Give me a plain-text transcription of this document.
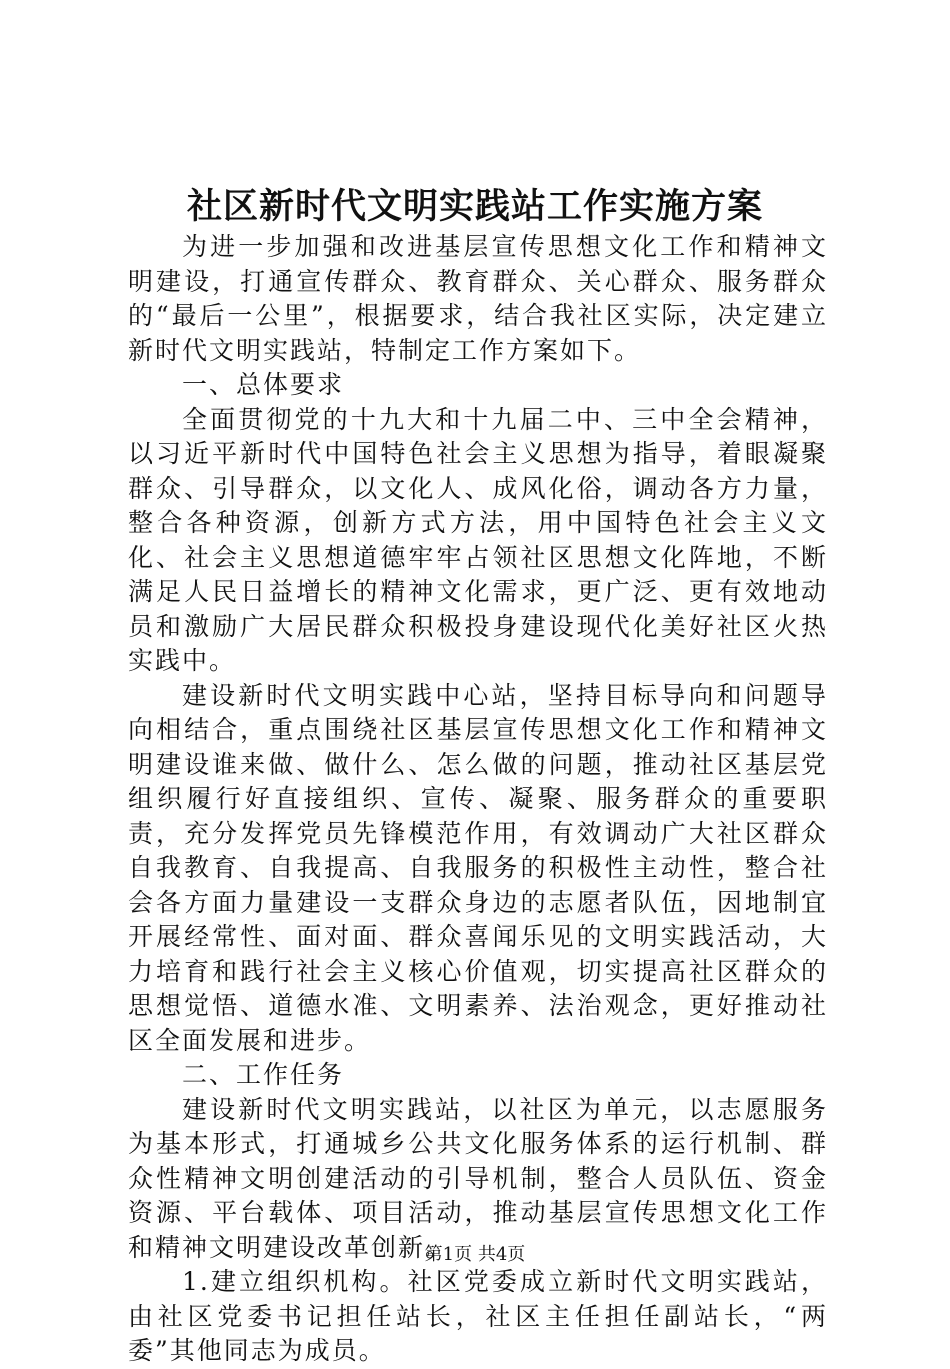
社区新时代文明实践站工作实施方案

为进一步加强和改进基层宣传思想文化工作和精神文明建设，打通宣传群众、教育群众、关心群众、服务群众的“最后一公里”，根据要求，结合我社区实际，决定建立新时代文明实践站，特制定工作方案如下。

一、总体要求

全面贯彻党的十九大和十九届二中、三中全会精神，以习近平新时代中国特色社会主义思想为指导，着眼凝聚群众、引导群众，以文化人、成风化俗，调动各方力量，整合各种资源，创新方式方法，用中国特色社会主义文化、社会主义思想道德牢牢占领社区思想文化阵地，不断满足人民日益增长的精神文化需求，更广泛、更有效地动员和激励广大居民群众积极投身建设现代化美好社区火热实践中。

建设新时代文明实践中心站，坚持目标导向和问题导向相结合，重点围绕社区基层宣传思想文化工作和精神文明建设谁来做、做什么、怎么做的问题，推动社区基层党组织履行好直接组织、宣传、凝聚、服务群众的重要职责，充分发挥党员先锋模范作用，有效调动广大社区群众自我教育、自我提高、自我服务的积极性主动性，整合社会各方面力量建设一支群众身边的志愿者队伍，因地制宜开展经常性、面对面、群众喜闻乐见的文明实践活动，大力培育和践行社会主义核心价值观，切实提高社区群众的思想觉悟、道德水准、文明素养、法治观念，更好推动社区全面发展和进步。

二、工作任务

建设新时代文明实践站，以社区为单元，以志愿服务为基本形式，打通城乡公共文化服务体系的运行机制、群众性精神文明创建活动的引导机制，整合人员队伍、资金资源、平台载体、项目活动，推动基层宣传思想文化工作和精神文明建设改革创新。

1.建立组织机构。社区党委成立新时代文明实践站，由社区党委书记担任站长，社区主任担任副站长，“两委”其他同志为成员。

第1页 共4页
